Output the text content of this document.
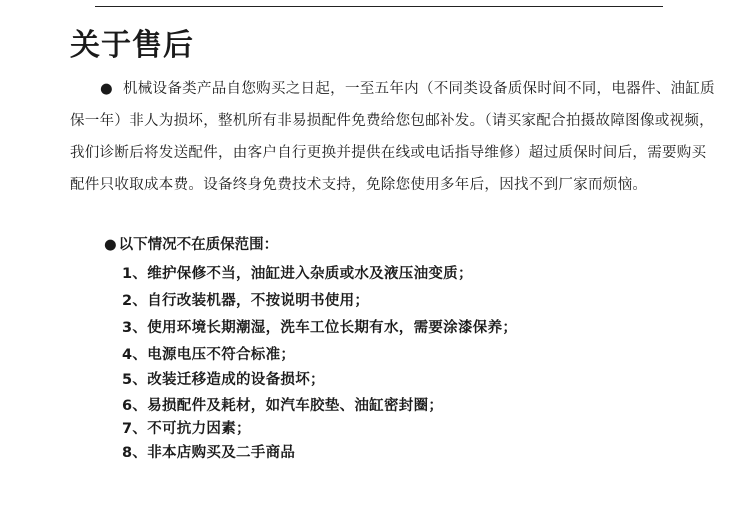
关于售后

● 机械设备类产品自您购买之日起，一至五年内（不同类设备质保时间不同，电器件、油缸质保一年）非人为损坏，整机所有非易损配件免费给您包邮补发。（请买家配合拍摄故障图像或视频，我们诊断后将发送配件，由客户自行更换并提供在线或电话指导维修）超过质保时间后，需要购买配件只收取成本费。设备终身免费技术支持，免除您使用多年后，因找不到厂家而烦恼。

● 以下情况不在质保范围：

1、维护保修不当，油缸进入杂质或水及液压油变质；
2、自行改装机器，不按说明书使用；
3、使用环境长期潮湿，洗车工位长期有水，需要涂漆保养；
4、电源电压不符合标准；
5、改装迁移造成的设备损坏；
6、易损配件及耗材，如汽车胶垫、油缸密封圈；
7、不可抗力因素；
8、非本店购买及二手商品
